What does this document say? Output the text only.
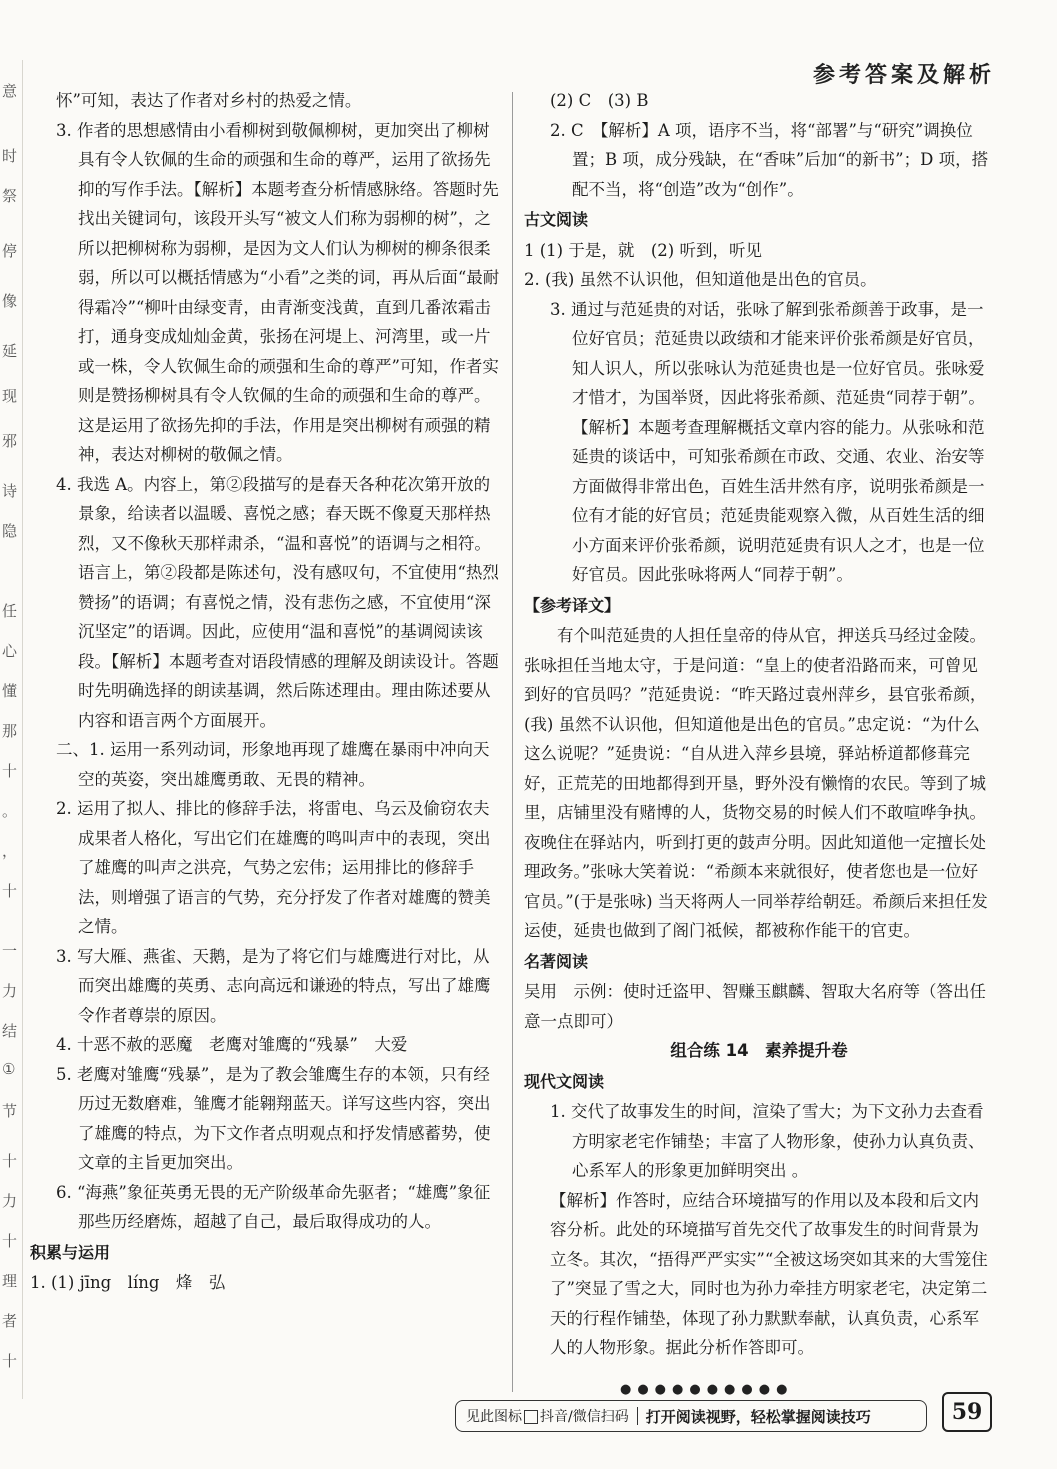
意
时
祭
停
像
延
现
邪
诗
隐
任
心
懂
那
十
。
，
十
一
力
结
①
节
十
力
十
理
者
十
参考答案及解析
怀”可知，表达了作者对乡村的热爱之情。
3. 作者的思想感情由小看柳树到敬佩柳树，更加突出了柳树具有令人钦佩的生命的顽强和生命的尊严，运用了欲扬先抑的写作手法。【解析】本题考查分析情感脉络。答题时先找出关键词句，该段开头写“被文人们称为弱柳的树”，之所以把柳树称为弱柳，是因为文人们认为柳树的柳条很柔弱，所以可以概括情感为“小看”之类的词，再从后面“最耐得霜冷”“柳叶由绿变青，由青渐变浅黄，直到几番浓霜击打，通身变成灿灿金黄，张扬在河堤上、河湾里，或一片或一株，令人钦佩生命的顽强和生命的尊严”可知，作者实则是赞扬柳树具有令人钦佩的生命的顽强和生命的尊严。这是运用了欲扬先抑的手法，作用是突出柳树有顽强的精神，表达对柳树的敬佩之情。
4. 我选 A。内容上，第②段描写的是春天各种花次第开放的景象，给读者以温暖、喜悦之感；春天既不像夏天那样热烈，又不像秋天那样肃杀，“温和喜悦”的语调与之相符。语言上，第②段都是陈述句，没有感叹句，不宜使用“热烈赞扬”的语调；有喜悦之情，没有悲伤之感，不宜使用“深沉坚定”的语调。因此，应使用“温和喜悦”的基调阅读该段。【解析】本题考查对语段情感的理解及朗读设计。答题时先明确选择的朗读基调，然后陈述理由。理由陈述要从内容和语言两个方面展开。
二、1. 运用一系列动词，形象地再现了雄鹰在暴雨中冲向天空的英姿，突出雄鹰勇敢、无畏的精神。
2. 运用了拟人、排比的修辞手法，将雷电、乌云及偷窃农夫成果者人格化，写出它们在雄鹰的鸣叫声中的表现，突出了雄鹰的叫声之洪亮，气势之宏伟；运用排比的修辞手法，则增强了语言的气势，充分抒发了作者对雄鹰的赞美之情。
3. 写大雁、燕雀、天鹅，是为了将它们与雄鹰进行对比，从而突出雄鹰的英勇、志向高远和谦逊的特点，写出了雄鹰令作者尊崇的原因。
4. 十恶不赦的恶魔　老鹰对雏鹰的“残暴”　大爱
5. 老鹰对雏鹰“残暴”，是为了教会雏鹰生存的本领，只有经历过无数磨难，雏鹰才能翱翔蓝天。详写这些内容，突出了雄鹰的特点，为下文作者点明观点和抒发情感蓄势，使文章的主旨更加突出。
6. “海燕”象征英勇无畏的无产阶级革命先驱者；“雄鹰”象征那些历经磨炼，超越了自己，最后取得成功的人。
积累与运用
1. (1) jīng　líng　烽　弘
(2) C　(3) B
2. C　【解析】A 项，语序不当，将“部署”与“研究”调换位置；B 项，成分残缺，在“香味”后加“的新书”；D 项，搭配不当，将“创造”改为“创作”。
古文阅读
1 (1) 于是，就　(2) 听到，听见
2. (我) 虽然不认识他，但知道他是出色的官员。
3. 通过与范延贵的对话，张咏了解到张希颜善于政事，是一位好官员；范延贵以政绩和才能来评价张希颜是好官员，知人识人，所以张咏认为范延贵也是一位好官员。张咏爱才惜才，为国举贤，因此将张希颜、范延贵“同荐于朝”。【解析】本题考查理解概括文章内容的能力。从张咏和范延贵的谈话中，可知张希颜在市政、交通、农业、治安等方面做得非常出色，百姓生活井然有序，说明张希颜是一位有才能的好官员；范延贵能观察入微，从百姓生活的细小方面来评价张希颜，说明范延贵有识人之才，也是一位好官员。因此张咏将两人“同荐于朝”。
【参考译文】
有个叫范延贵的人担任皇帝的侍从官，押送兵马经过金陵。张咏担任当地太守，于是问道：“皇上的使者沿路而来，可曾见到好的官员吗？”范延贵说：“昨天路过袁州萍乡，县官张希颜，(我) 虽然不认识他，但知道他是出色的官员。”忠定说：“为什么这么说呢？”延贵说：“自从进入萍乡县境，驿站桥道都修葺完好，正荒芜的田地都得到开垦，野外没有懒惰的农民。等到了城里，店铺里没有赌博的人，货物交易的时候人们不敢喧哗争执。夜晚住在驿站内，听到打更的鼓声分明。因此知道他一定擅长处理政务。”张咏大笑着说：“希颜本来就很好，使者您也是一位好官员。”(于是张咏) 当天将两人一同举荐给朝廷。希颜后来担任发运使，延贵也做到了阁门祗候，都被称作能干的官吏。
名著阅读
吴用　示例：使时迁盗甲、智赚玉麒麟、智取大名府等（答出任意一点即可）
组合练 14　素养提升卷
现代文阅读
1. 交代了故事发生的时间，渲染了雪大；为下文孙力去查看方明家老宅作铺垫；丰富了人物形象，使孙力认真负责、心系军人的形象更加鲜明突出 。
【解析】作答时，应结合环境描写的作用以及本段和后文内容分析。此处的环境描写首先交代了故事发生的时间背景为立冬。其次，“捂得严严实实”“全被这场突如其来的大雪笼住了”突显了雪之大，同时也为孙力牵挂方明家老宅，决定第二天的行程作铺垫，体现了孙力默默奉献，认真负责，心系军人的人物形象。据此分析作答即可。
●●●●●●●●●●
见此图标 抖音/微信扫码 打开阅读视野，轻松掌握阅读技巧	59
